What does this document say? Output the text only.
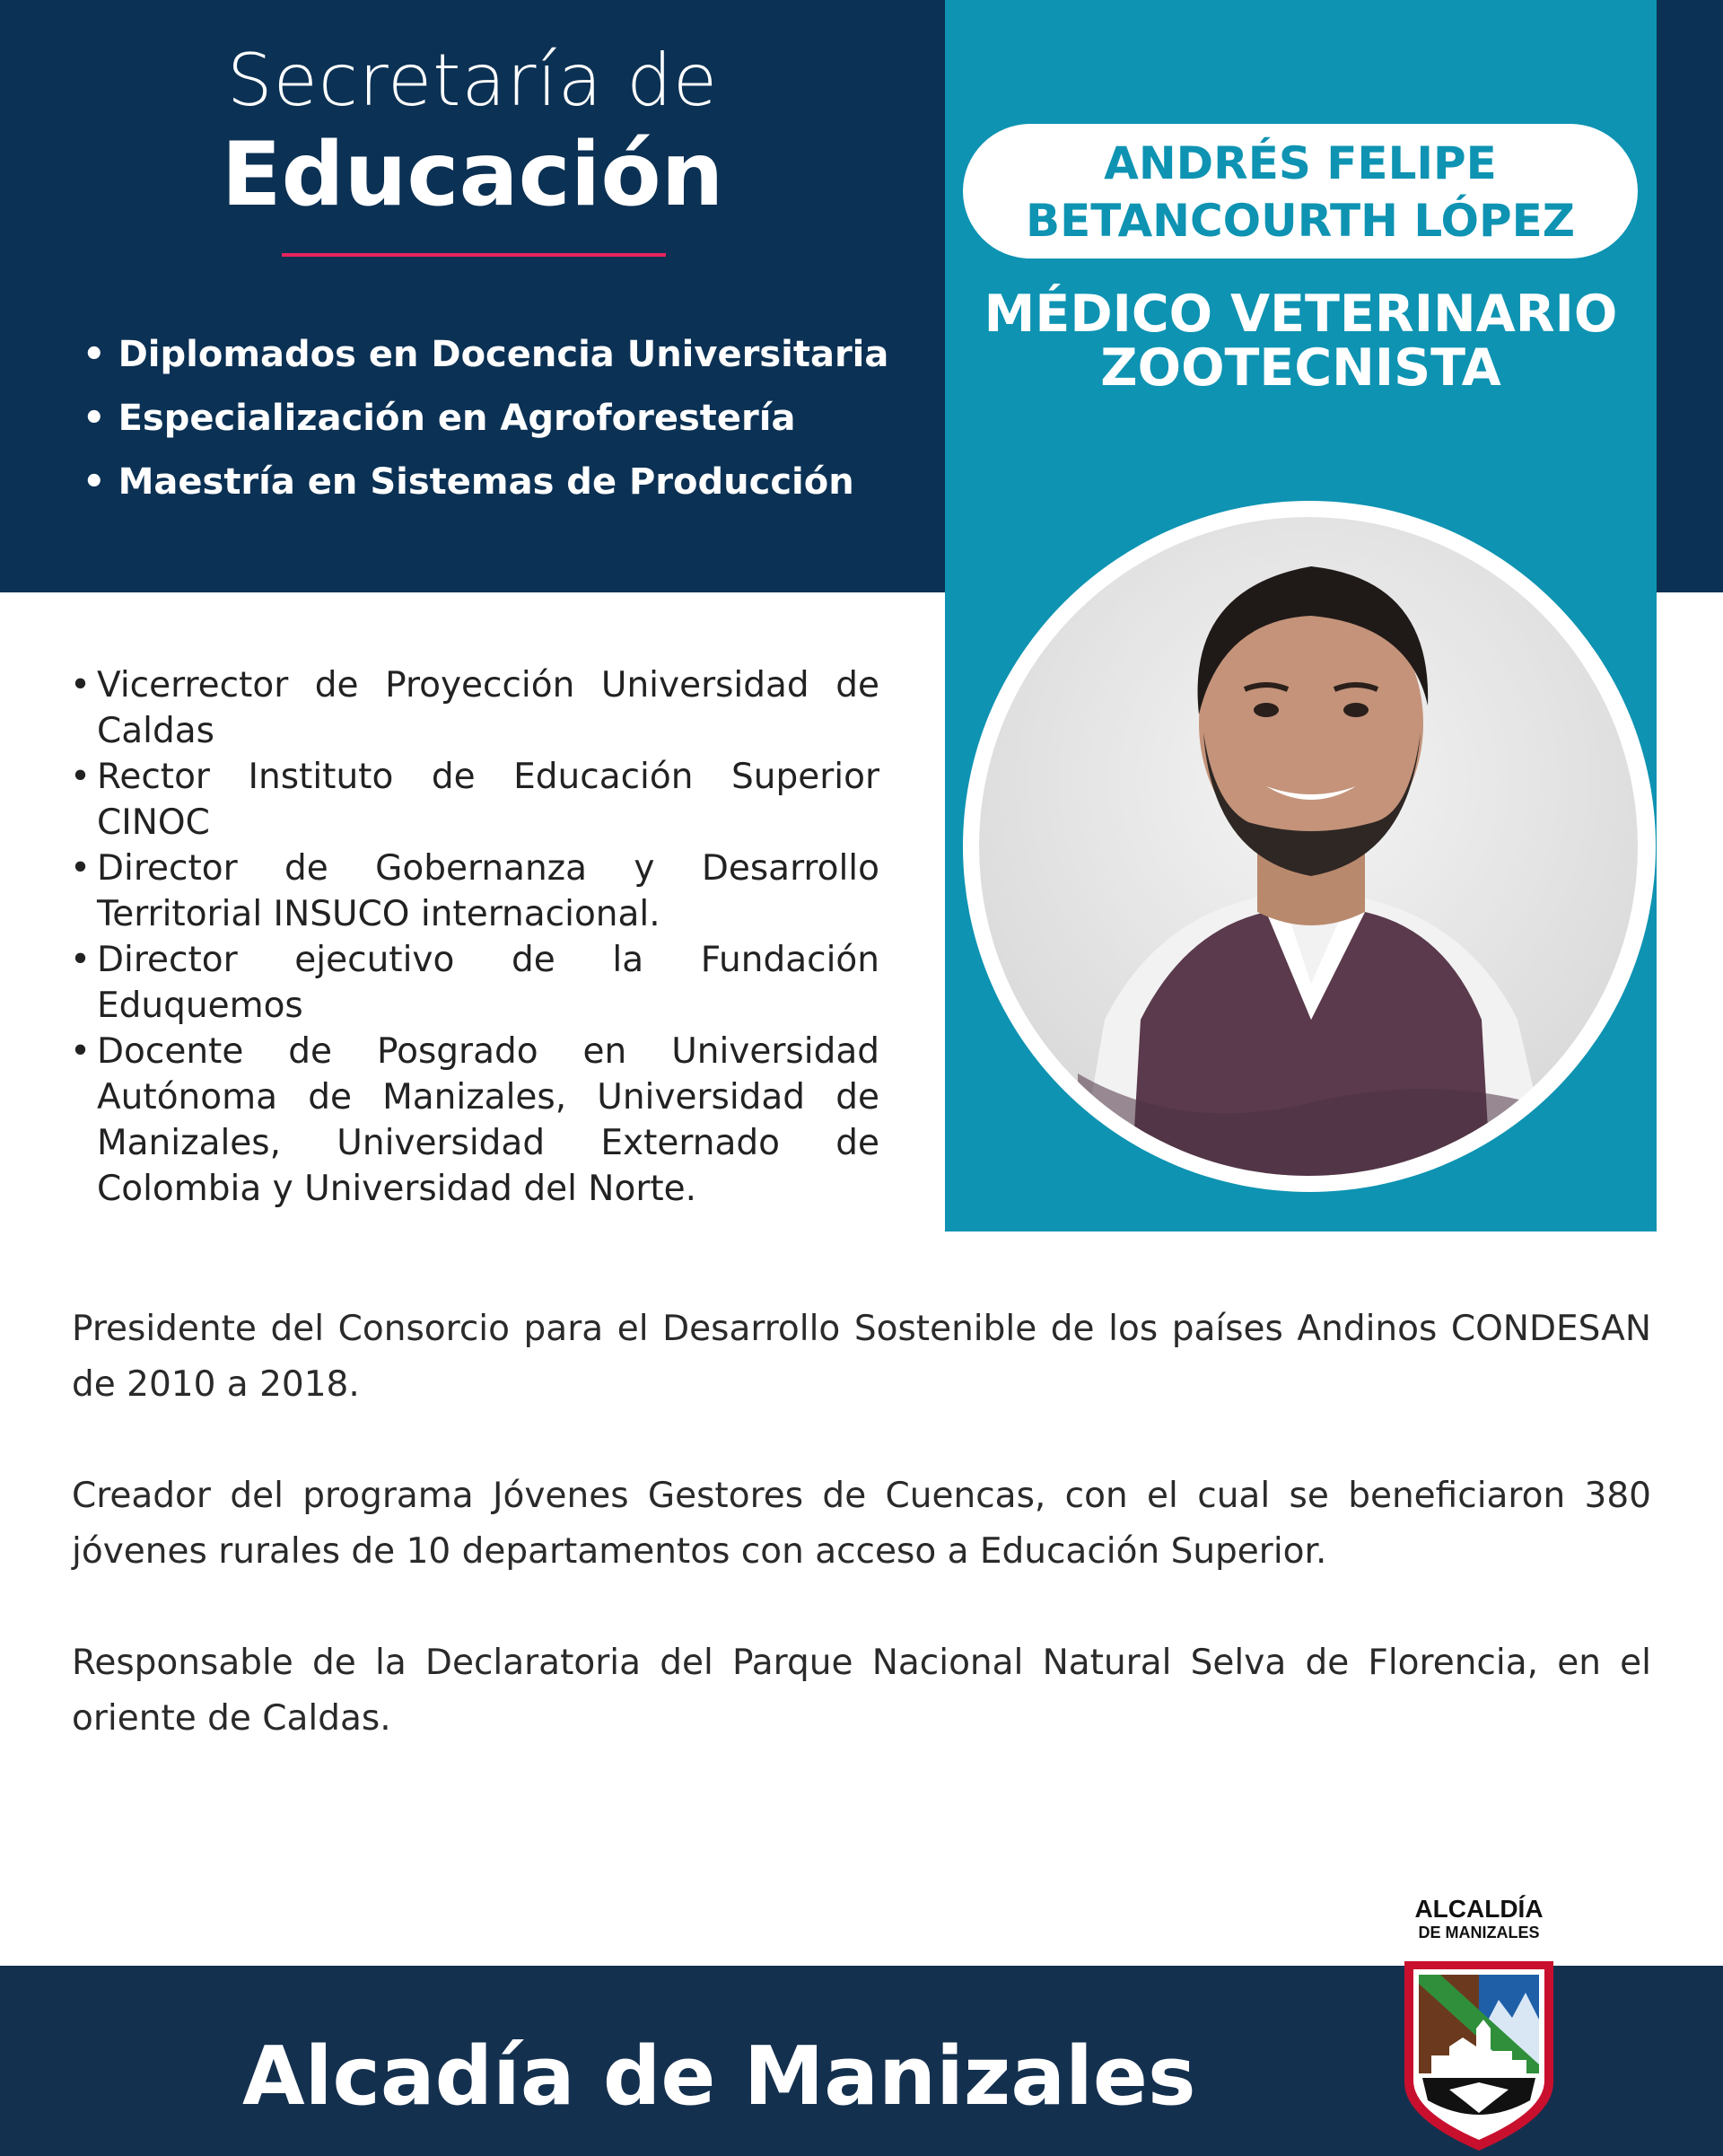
Secretaría de
Educación
• Diplomados en Docencia Universitaria
• Especialización en Agroforestería
• Maestría en Sistemas de Producción
ANDRÉS FELIPE
BETANCOURTH LÓPEZ
MÉDICO VETERINARIO
ZOOTECNISTA
• Vicerrector de Proyección Universidad de Caldas
• Rector Instituto de Educación Superior CINOC
• Director de Gobernanza y Desarrollo Territorial INSUCO internacional.
• Director ejecutivo de la Fundación Eduquemos
• Docente de Posgrado en Universidad Autónoma de Manizales, Universidad de Manizales, Universidad Externado de Colombia y Universidad del Norte.

Presidente del Consorcio para el Desarrollo Sostenible de los países Andinos CONDESAN de 2010 a 2018.

Creador del programa Jóvenes Gestores de Cuencas, con el cual se beneficiaron 380 jóvenes rurales de 10 departamentos con acceso a Educación Superior.

Responsable de la Declaratoria del Parque Nacional Natural Selva de Florencia, en el oriente de Caldas.

Alcadía de Manizales
ALCALDÍA
DE MANIZALES
